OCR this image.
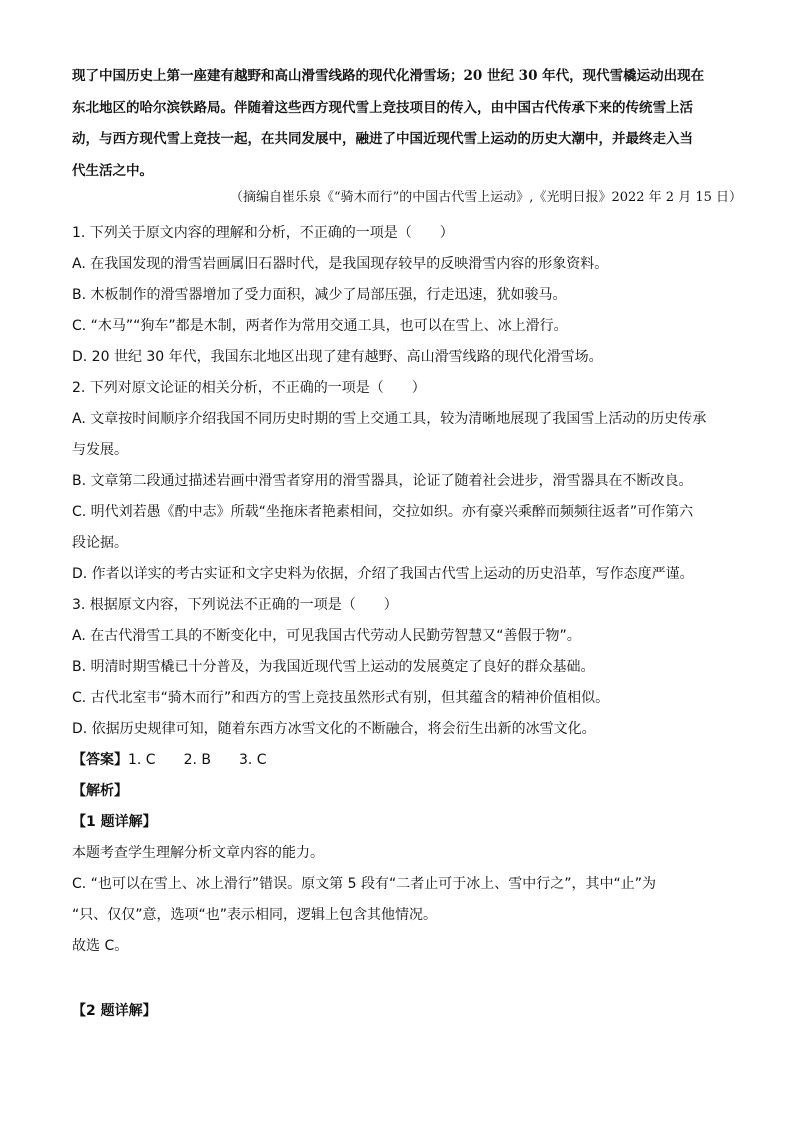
现了中国历史上第一座建有越野和高山滑雪线路的现代化滑雪场；20 世纪 30 年代，现代雪橇运动出现在

东北地区的哈尔滨铁路局。伴随着这些西方现代雪上竞技项目的传入，由中国古代传承下来的传统雪上活

动，与西方现代雪上竞技一起，在共同发展中，融进了中国近现代雪上运动的历史大潮中，并最终走入当

代生活之中。

（摘编自崔乐泉《“骑木而行”的中国古代雪上运动》,《光明日报》2022 年 2 月 15 日）
1. 下列关于原文内容的理解和分析，不正确的一项是（　　）
A. 在我国发现的滑雪岩画属旧石器时代，是我国现存较早的反映滑雪内容的形象资料。
B. 木板制作的滑雪器增加了受力面积，减少了局部压强，行走迅速，犹如骏马。
C. “木马”“狗车”都是木制，两者作为常用交通工具，也可以在雪上、冰上滑行。
D. 20 世纪 30 年代，我国东北地区出现了建有越野、高山滑雪线路的现代化滑雪场。
2. 下列对原文论证的相关分析，不正确的一项是（　　）
A. 文章按时间顺序介绍我国不同历史时期的雪上交通工具，较为清晰地展现了我国雪上活动的历史传承
与发展。
B. 文章第二段通过描述岩画中滑雪者穿用的滑雪器具，论证了随着社会进步，滑雪器具在不断改良。
C. 明代刘若愚《酌中志》所载“坐拖床者艳素相间，交拉如织。亦有豪兴乘醉而频频往返者”可作第六
段论据。
D. 作者以详实的考古实证和文字史料为依据，介绍了我国古代雪上运动的历史沿革，写作态度严谨。
3. 根据原文内容，下列说法不正确的一项是（　　）
A. 在古代滑雪工具的不断变化中，可见我国古代劳动人民勤劳智慧又“善假于物”。
B. 明清时期雪橇已十分普及，为我国近现代雪上运动的发展奠定了良好的群众基础。
C. 古代北室韦“骑木而行”和西方的雪上竞技虽然形式有别，但其蕴含的精神价值相似。
D. 依据历史规律可知，随着东西方冰雪文化的不断融合，将会衍生出新的冰雪文化。
【答案】1. C　　2. B　　3. C
【解析】
【1 题详解】
本题考查学生理解分析文章内容的能力。
C. “也可以在雪上、冰上滑行”错误。原文第 5 段有“二者止可于冰上、雪中行之”，其中“止”为
“只、仅仅”意，选项“也”表示相同，逻辑上包含其他情况。
故选 C。
【2 题详解】
